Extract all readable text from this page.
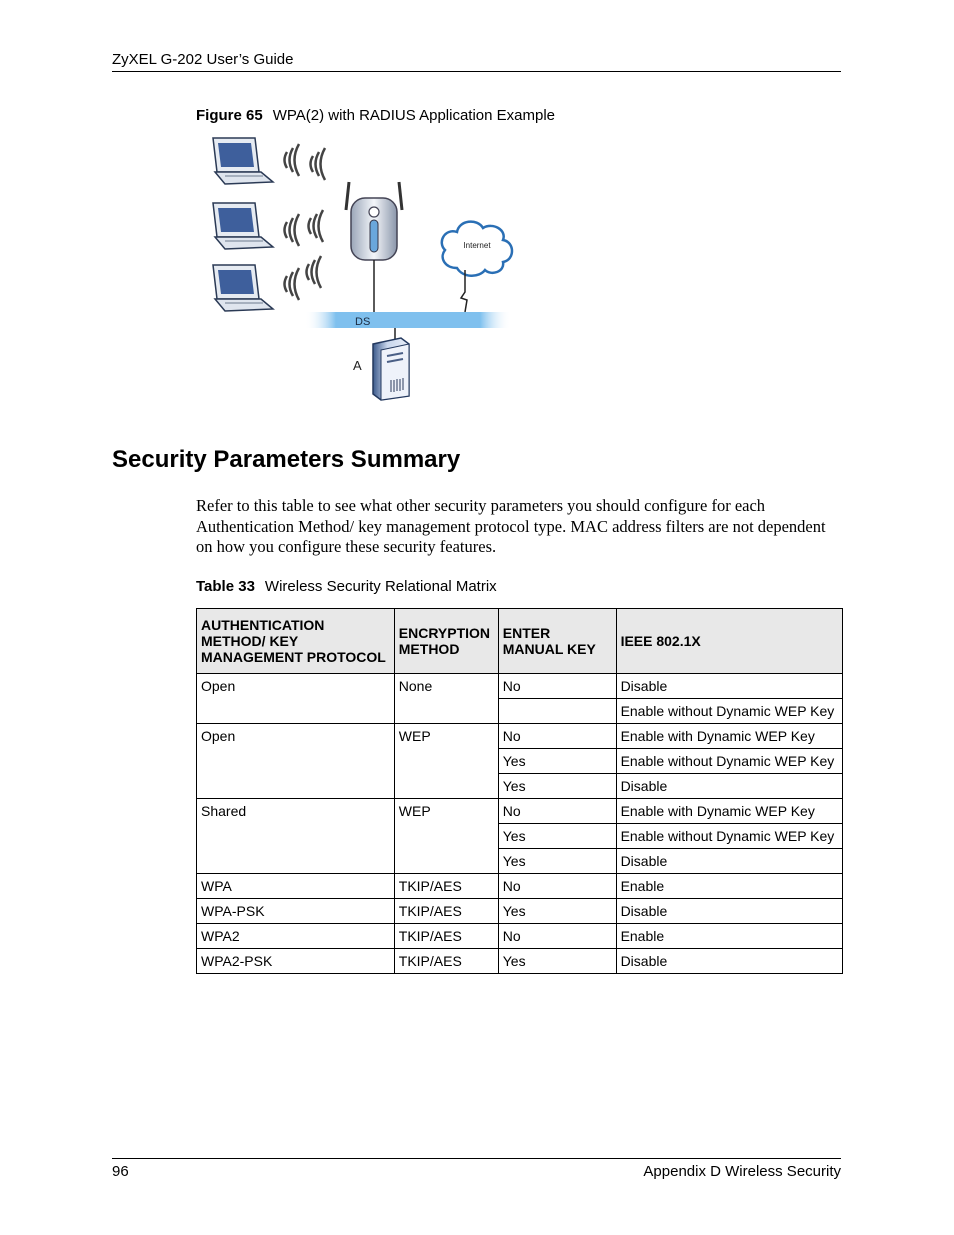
ZyXEL G-202 User’s Guide
Figure 65 WPA(2) with RADIUS Application Example
Internet
DS
A
Security Parameters Summary

Refer to this table to see what other security parameters you should configure for each Authentication Method/ key management protocol type. MAC address filters are not dependent on how you configure these security features.

Table 33 Wireless Security Relational Matrix
AUTHENTICATION METHOD/ KEY MANAGEMENT PROTOCOL	ENCRYPTION METHOD	ENTER MANUAL KEY	IEEE 802.1X
Open	None	No	Disable
			Enable without Dynamic WEP Key
Open	WEP	No	Enable with Dynamic WEP Key
		Yes	Enable without Dynamic WEP Key
		Yes	Disable
Shared	WEP	No	Enable with Dynamic WEP Key
		Yes	Enable without Dynamic WEP Key
		Yes	Disable
WPA	TKIP/AES	No	Enable
WPA-PSK	TKIP/AES	Yes	Disable
WPA2	TKIP/AES	No	Enable
WPA2-PSK	TKIP/AES	Yes	Disable
96	Appendix D Wireless Security
